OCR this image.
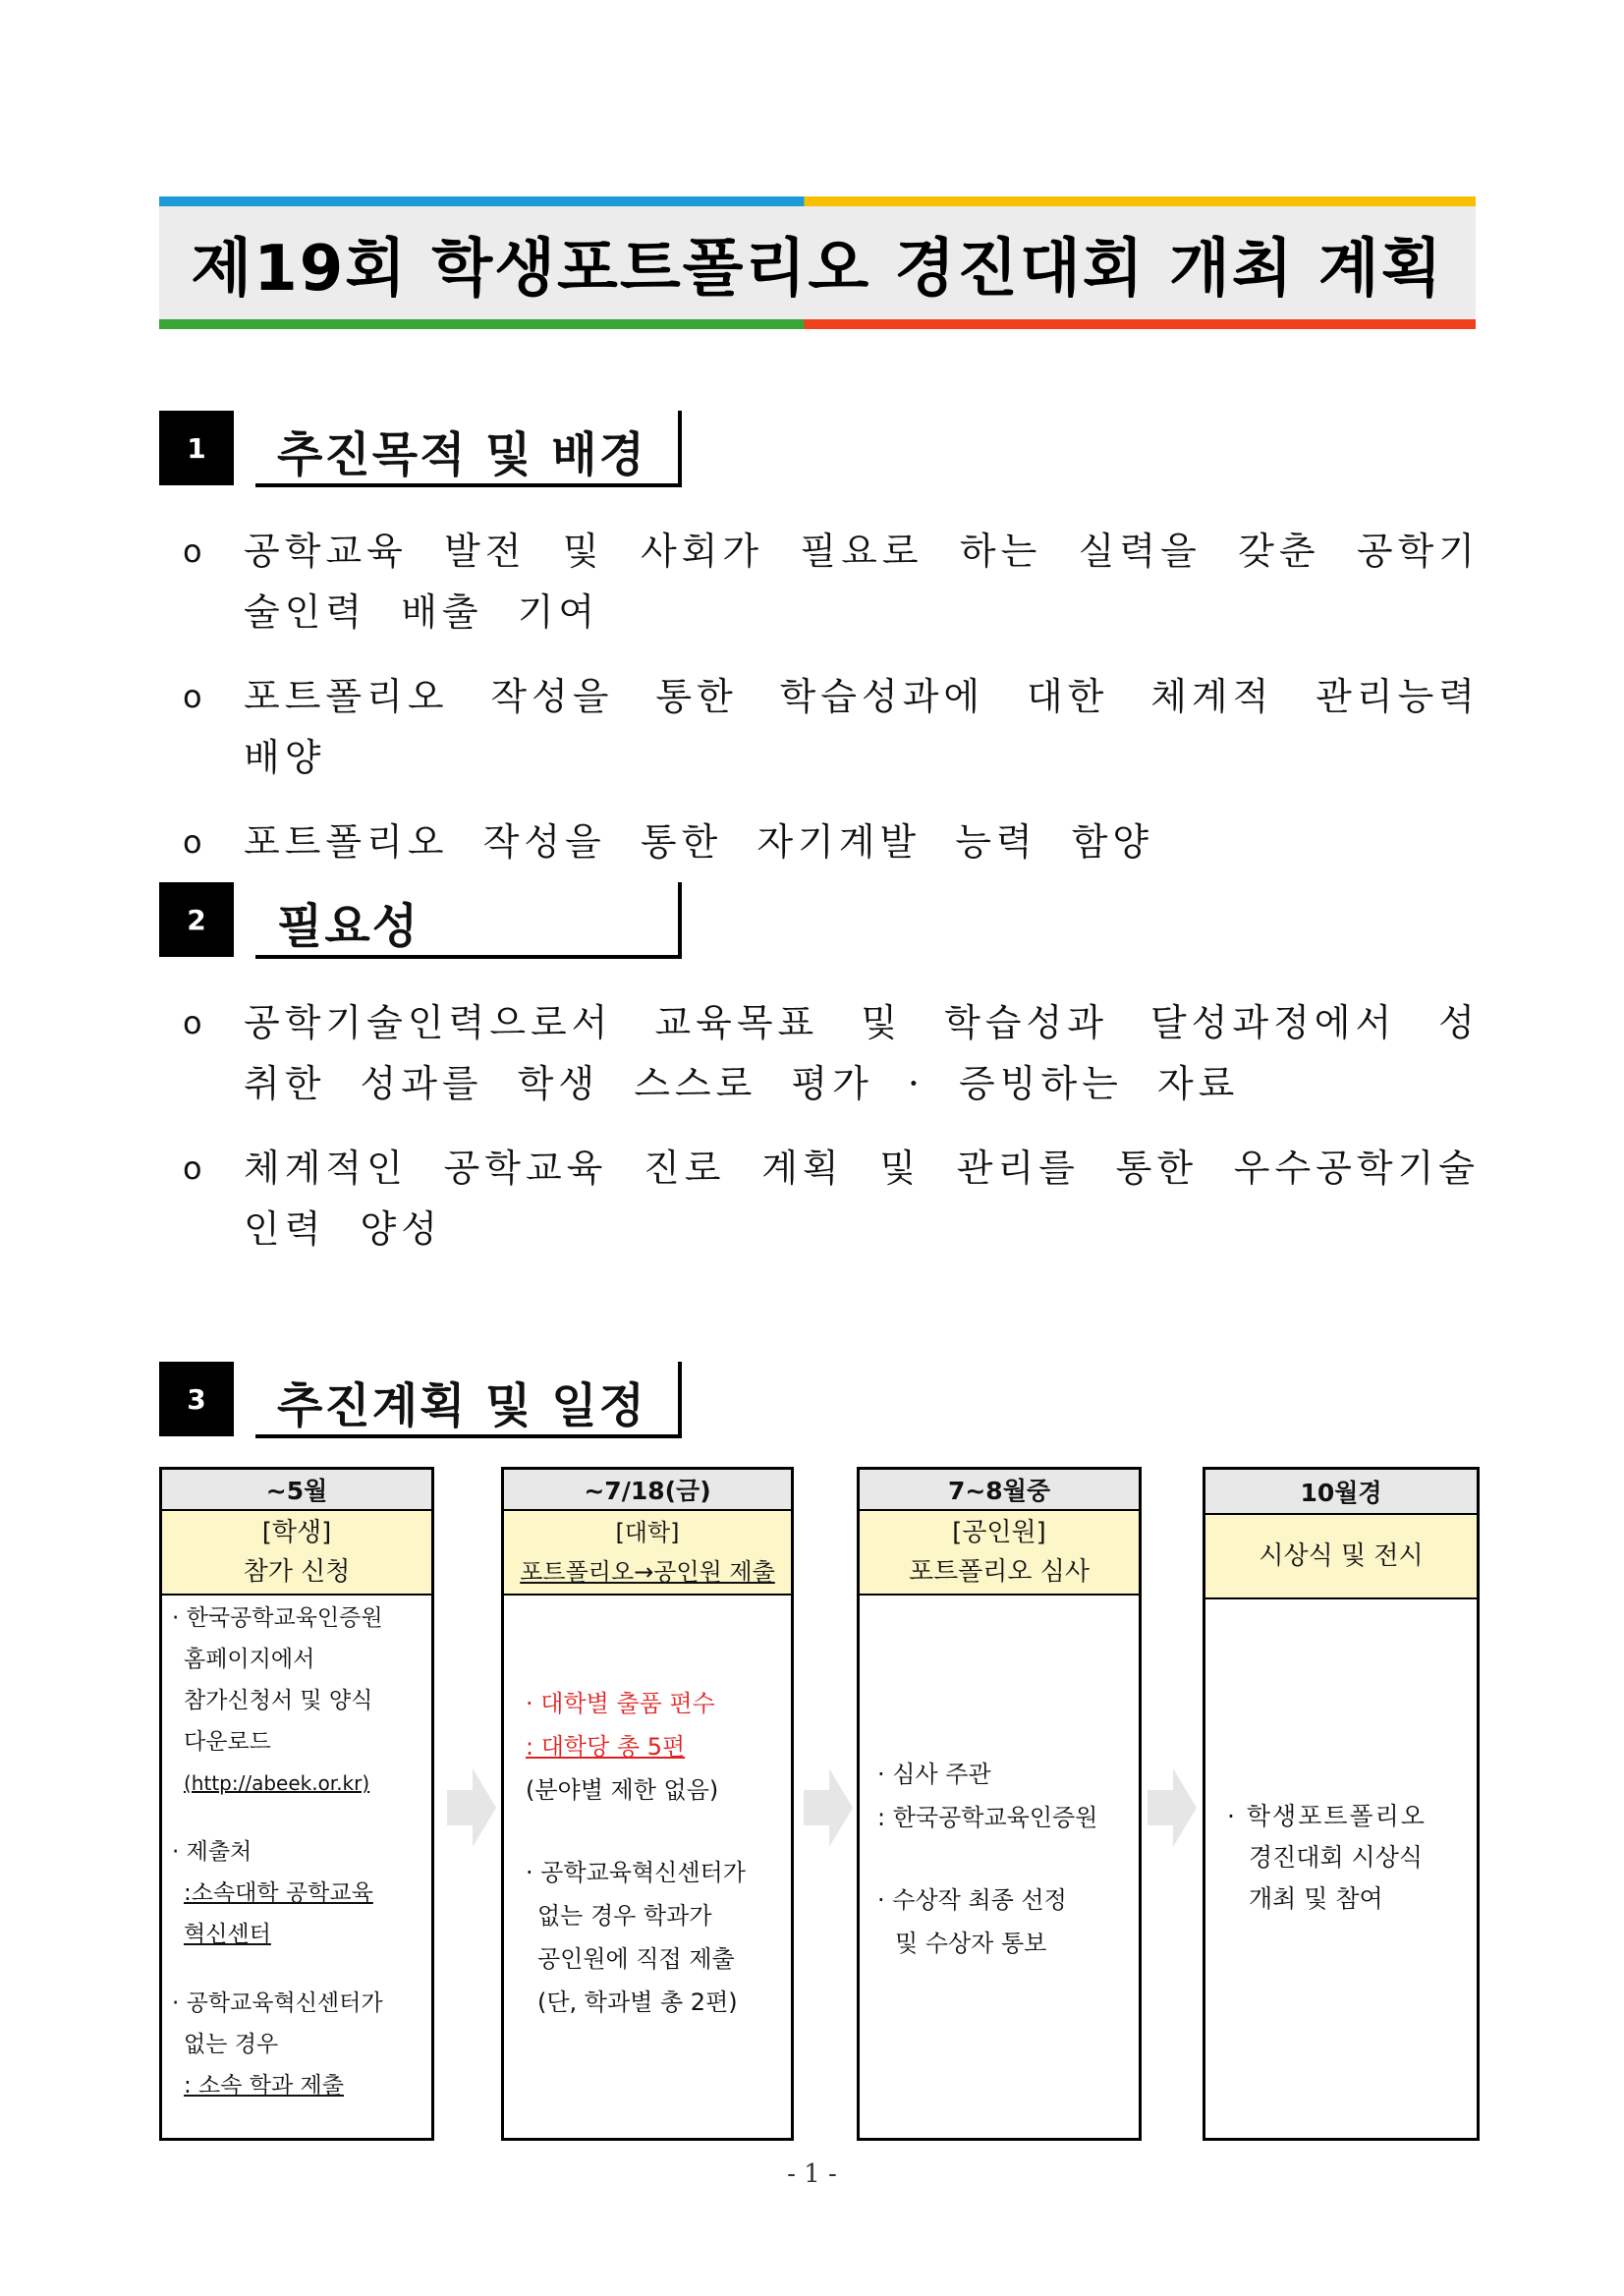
제19회 학생포트폴리오 경진대회 개최 계획
1	추진목적 및 배경
o 공학교육 발전 및 사회가 필요로 하는 실력을 갖춘 공학기술인력 배출 기여

o 포트폴리오 작성을 통한 학습성과에 대한 체계적 관리능력 배양

o 포트폴리오 작성을 통한 자기계발 능력 함양

2	필요성
o 공학기술인력으로서 교육목표 및 학습성과 달성과정에서 성취한 성과를 학생 스스로 평가 · 증빙하는 자료

o 체계적인 공학교육 진로 계획 및 관리를 통한 우수공학기술인력 양성

3	추진계획 및 일정
~5월
[학생]
참가 신청
· 한국공학교육인증원
홈페이지에서
참가신청서 및 양식
다운로드
(http://abeek.or.kr)
· 제출처
:소속대학 공학교육
혁신센터
· 공학교육혁신센터가
없는 경우
: 소속 학과 제출
~7/18(금)
[대학]
포트폴리오→공인원 제출
· 대학별 출품 편수
: 대학당 총 5편
(분야별 제한 없음)
· 공학교육혁신센터가
없는 경우 학과가
공인원에 직접 제출
(단, 학과별 총 2편)
7~8월중
[공인원]
포트폴리오 심사
· 심사 주관
: 한국공학교육인증원
· 수상작 최종 선정
및 수상자 통보
10월경
시상식 및 전시
· 학생포트폴리오
경진대회 시상식
개최 및 참여
- 1 -
